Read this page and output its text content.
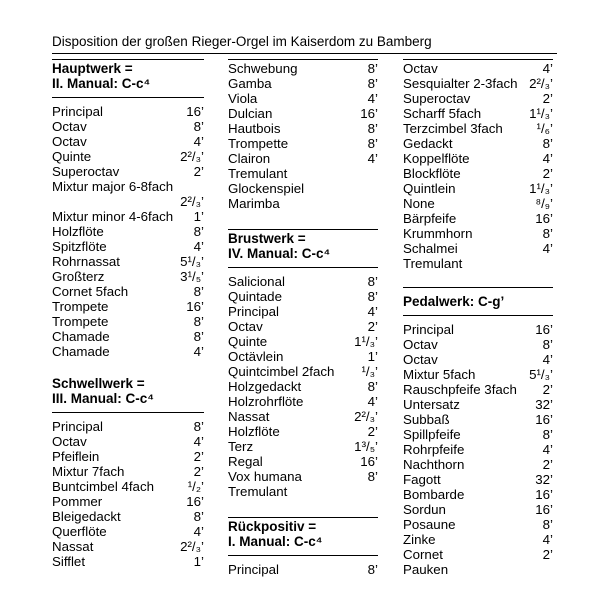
Disposition der großen Rieger-Orgel im Kaiserdom zu Bamberg
Hauptwerk =
II. Manual: C-c⁴
Principal	16’
Octav	8’
Octav	4’
Quinte	2²/₃’
Superoctav	2’
Mixtur major 6-8fach
2²/₃’
Mixtur minor 4-6fach 1’
Holzflöte	8’
Spitzflöte	4’
Rohrnassat	5¹/₃’
Großterz	3¹/₅’
Cornet 5fach	8’
Trompete	16’
Trompete	8’
Chamade	8’
Chamade	4’
Schwellwerk =
III. Manual: C-c⁴
Principal	8’
Octav	4’
Pfeiflein	2’
Mixtur 7fach	2’
Buntcimbel 4fach	¹/₂’
Pommer	16’
Bleigedackt	8’
Querflöte	4’
Nassat	2²/₃’
Sifflet	1’
Schwebung	8’
Gamba	8’
Viola	4’
Dulcian	16’
Hautbois	8’
Trompette	8’
Clairon	4’
Tremulant
Glockenspiel
Marimba
Brustwerk =
IV. Manual: C-c⁴
Salicional	8’
Quintade	8’
Principal	4’
Octav	2’
Quinte	1¹/₃’
Octävlein	1’
Quintcimbel 2fach ¹/₃’
Holzgedackt	8’
Holzrohrflöte	4’
Nassat	2²/₃’
Holzflöte	2’
Terz	1³/₅’
Regal	16’
Vox humana	8’
Tremulant
Rückpositiv =
I. Manual: C-c⁴
Principal	8’
Octav	4’
Sesquialter 2-3fach 2²/₃’
Superoctav	2’
Scharff 5fach	1¹/₃’
Terzcimbel 3fach	¹/₆’
Gedackt	8’
Koppelflöte	4’
Blockflöte	2’
Quintlein	1¹/₃’
None	⁸/₉’
Bärpfeife	16’
Krummhorn	8’
Schalmei	4’
Tremulant
Pedalwerk: C-g’
Principal	16’
Octav	8’
Octav	4’
Mixtur 5fach	5¹/₃’
Rauschpfeife 3fach 2’
Untersatz	32’
Subbaß	16’
Spillpfeife	8’
Rohrpfeife	4’
Nachthorn	2’
Fagott	32’
Bombarde	16’
Sordun	16’
Posaune	8’
Zinke	4’
Cornet	2’
Pauken
